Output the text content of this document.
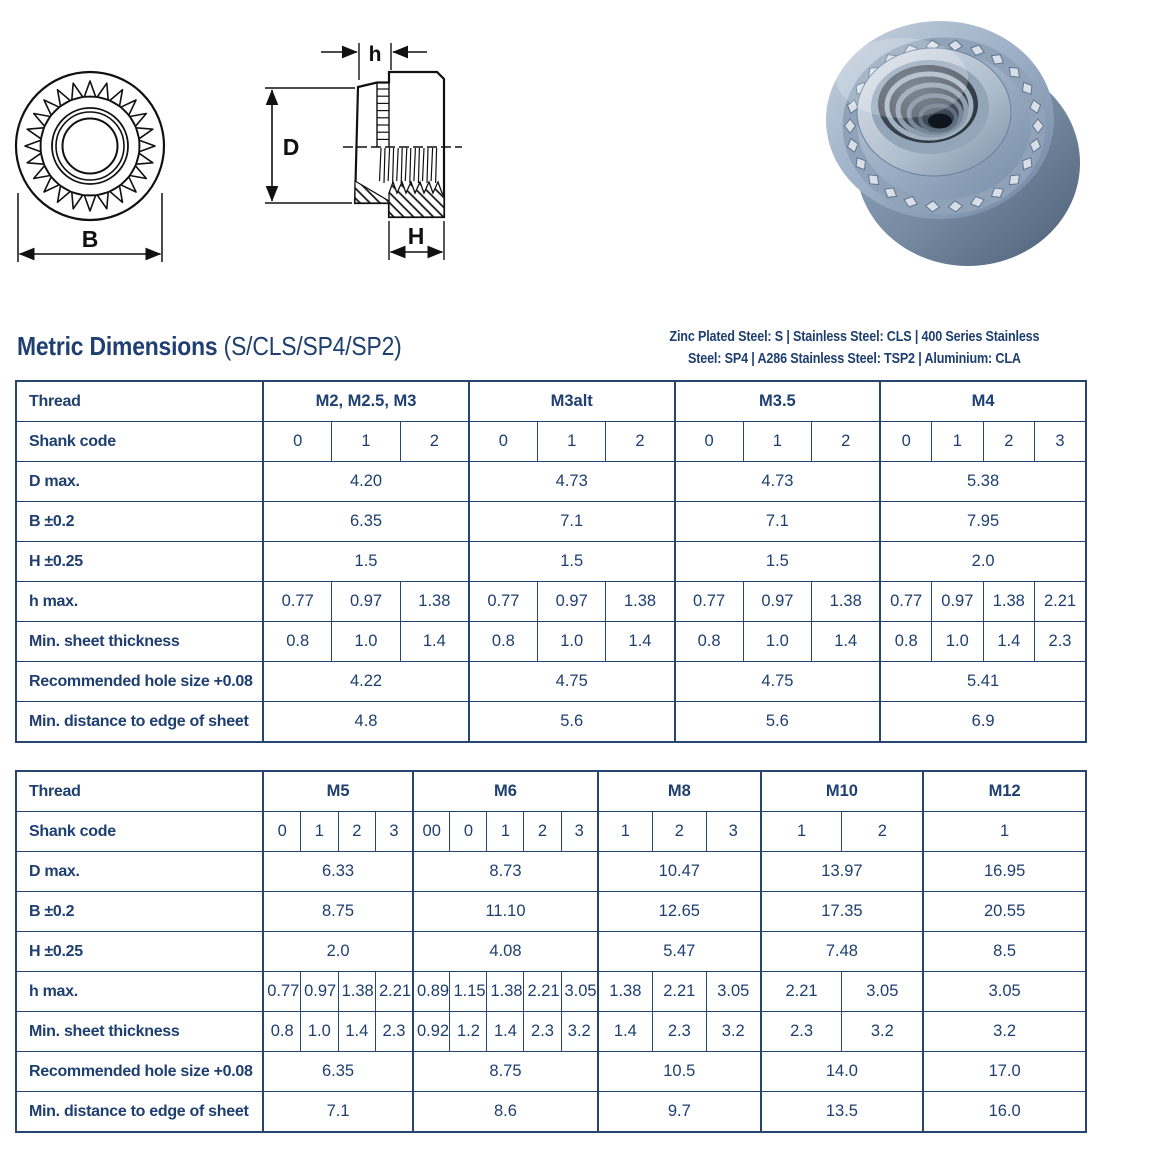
B
h
D
H
Metric Dimensions (S/CLS/SP4/SP2)	Zinc Plated Steel: S | Stainless Steel: CLS | 400 Series Stainless
Steel: SP4 | A286 Stainless Steel: TSP2 | Aluminium: CLA
Thread	M2, M2.5, M3			M3alt			M3.5			M4			
Shank code	0	1	2	0	1	2	0	1	2	0	1	2	3
D max.	4.20			4.73			4.73			5.38			
B ±0.2	6.35			7.1			7.1			7.95			
H ±0.25	1.5			1.5			1.5			2.0			
h max.	0.77	0.97	1.38	0.77	0.97	1.38	0.77	0.97	1.38	0.77	0.97	1.38	2.21
Min. sheet thickness	0.8	1.0	1.4	0.8	1.0	1.4	0.8	1.0	1.4	0.8	1.0	1.4	2.3
Recommended hole size +0.08	4.22			4.75			4.75			5.41			
Min. distance to edge of sheet	4.8			5.6			5.6			6.9			
Thread	M5				M6					M8			M10		M12
Shank code	0	1	2	3	00	0	1	2	3	1	2	3	1	2	1
D max.	6.33				8.73					10.47			13.97		16.95
B ±0.2	8.75				11.10					12.65			17.35		20.55
H ±0.25	2.0				4.08					5.47			7.48		8.5
h max.	0.77	0.97	1.38	2.21	0.89	1.15	1.38	2.21	3.05	1.38	2.21	3.05	2.21	3.05	3.05
Min. sheet thickness	0.8	1.0	1.4	2.3	0.92	1.2	1.4	2.3	3.2	1.4	2.3	3.2	2.3	3.2	3.2
Recommended hole size +0.08	6.35				8.75					10.5			14.0		17.0
Min. distance to edge of sheet	7.1				8.6					9.7			13.5		16.0
